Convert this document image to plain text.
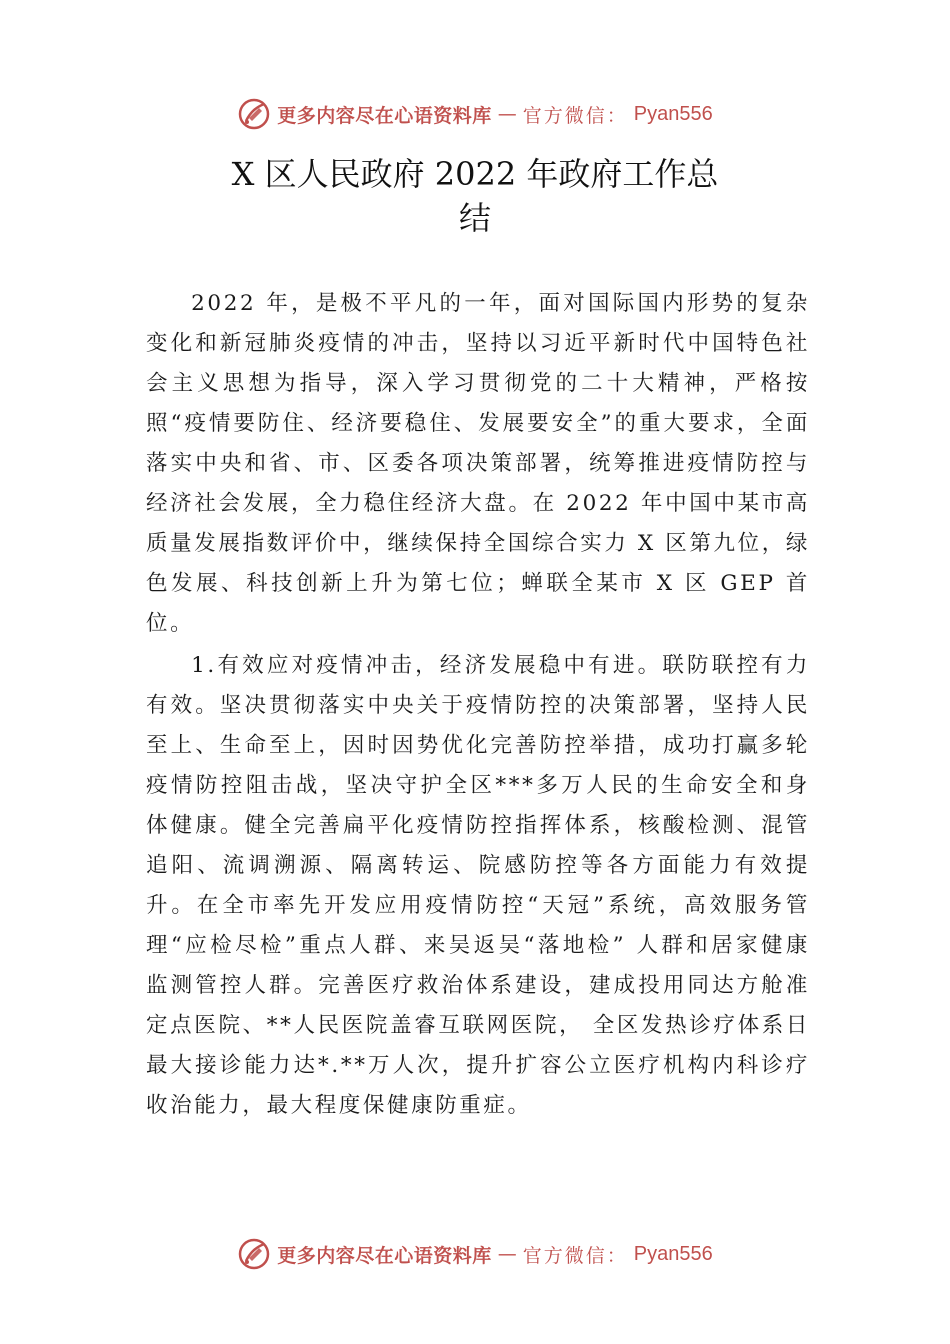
更多内容尽在心语资料库 — 官方微信： Pyan556
X 区人民政府 2022 年政府工作总
结

2022 年，是极不平凡的一年，面对国际国内形势的复杂变化和新冠肺炎疫情的冲击，坚持以习近平新时代中国特色社会主义思想为指导，深入学习贯彻党的二十大精神，严格按照“疫情要防住、经济要稳住、发展要安全”的重大要求，全面落实中央和省、市、区委各项决策部署，统筹推进疫情防控与经济社会发展，全力稳住经济大盘。在 2022 年中国中某市高质量发展指数评价中，继续保持全国综合实力 X 区第九位，绿色发展、科技创新上升为第七位；蝉联全某市 X 区 GEP 首位。

1.有效应对疫情冲击，经济发展稳中有进。联防联控有力有效。坚决贯彻落实中央关于疫情防控的决策部署，坚持人民至上、生命至上，因时因势优化完善防控举措，成功打赢多轮疫情防控阻击战，坚决守护全区***多万人民的生命安全和身体健康。健全完善扁平化疫情防控指挥体系，核酸检测、混管追阳、流调溯源、隔离转运、院感防控等各方面能力有效提升。在全市率先开发应用疫情防控“天冠”系统，高效服务管理“应检尽检”重点人群、来吴返吴“落地检” 人群和居家健康监测管控人群。完善医疗救治体系建设，建成投用同达方舱准定点医院、**人民医院盖睿互联网医院， 全区发热诊疗体系日最大接诊能力达*.**万人次，提升扩容公立医疗机构内科诊疗收治能力，最大程度保健康防重症。

更多内容尽在心语资料库 — 官方微信： Pyan556
